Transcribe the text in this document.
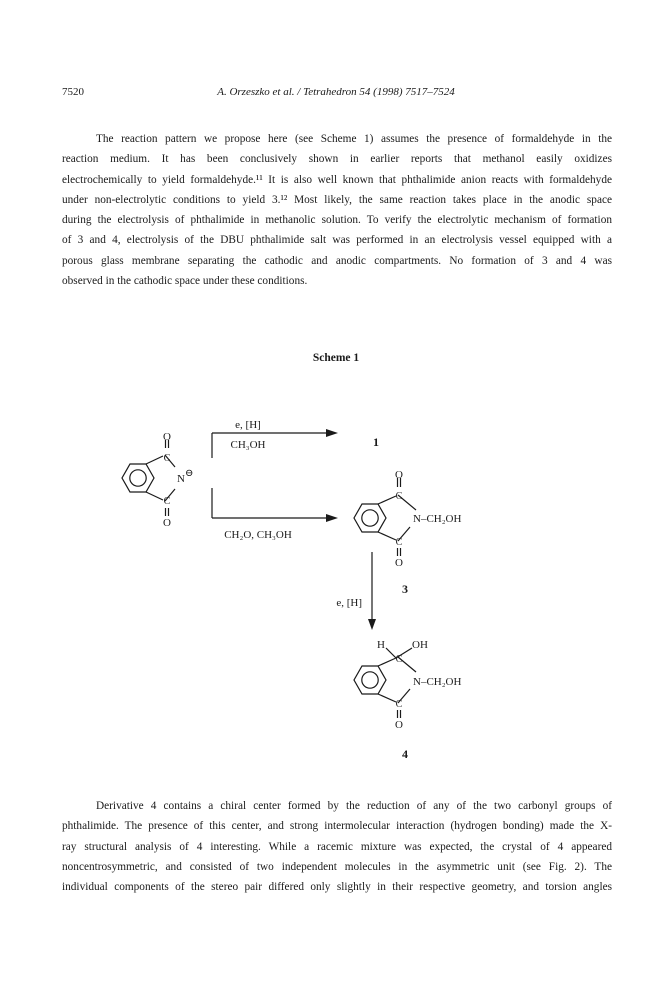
7520	A. Orzeszko et al. / Tetrahedron 54 (1998) 7517–7524
The reaction pattern we propose here (see Scheme 1) assumes the presence of formaldehyde in the
reaction medium. It has been conclusively shown in earlier reports that methanol easily oxidizes
electrochemically to yield formaldehyde.¹¹ It is also well known that phthalimide anion reacts with formaldehyde
under non-electrolytic conditions to yield 3.¹² Most likely, the same reaction takes place in the anodic space
during the electrolysis of phthalimide in methanolic solution. To verify the electrolytic mechanism of formation
of 3 and 4, electrolysis of the DBU phthalimide salt was performed in an electrolysis vessel equipped with a
porous glass membrane separating the cathodic and anodic compartments. No formation of 3 and 4 was
observed in the cathodic space under these conditions.
Scheme 1
O
C
N ⊖
C
O
e, [H]
CH₃OH	1
CH₂O, CH₃OH
O
C
N–CH₂OH
C
O
3
e, [H]
H OH
C
N–CH₂OH
C
O
4
Derivative 4 contains a chiral center formed by the reduction of any of the two carbonyl groups of
phthalimide. The presence of this center, and strong intermolecular interaction (hydrogen bonding) made the X-
ray structural analysis of 4 interesting. While a racemic mixture was expected, the crystal of 4 appeared
noncentrosymmetric, and consisted of two independent molecules in the asymmetric unit (see Fig. 2). The
individual components of the stereo pair differed only slightly in their respective geometry, and torsion angles
